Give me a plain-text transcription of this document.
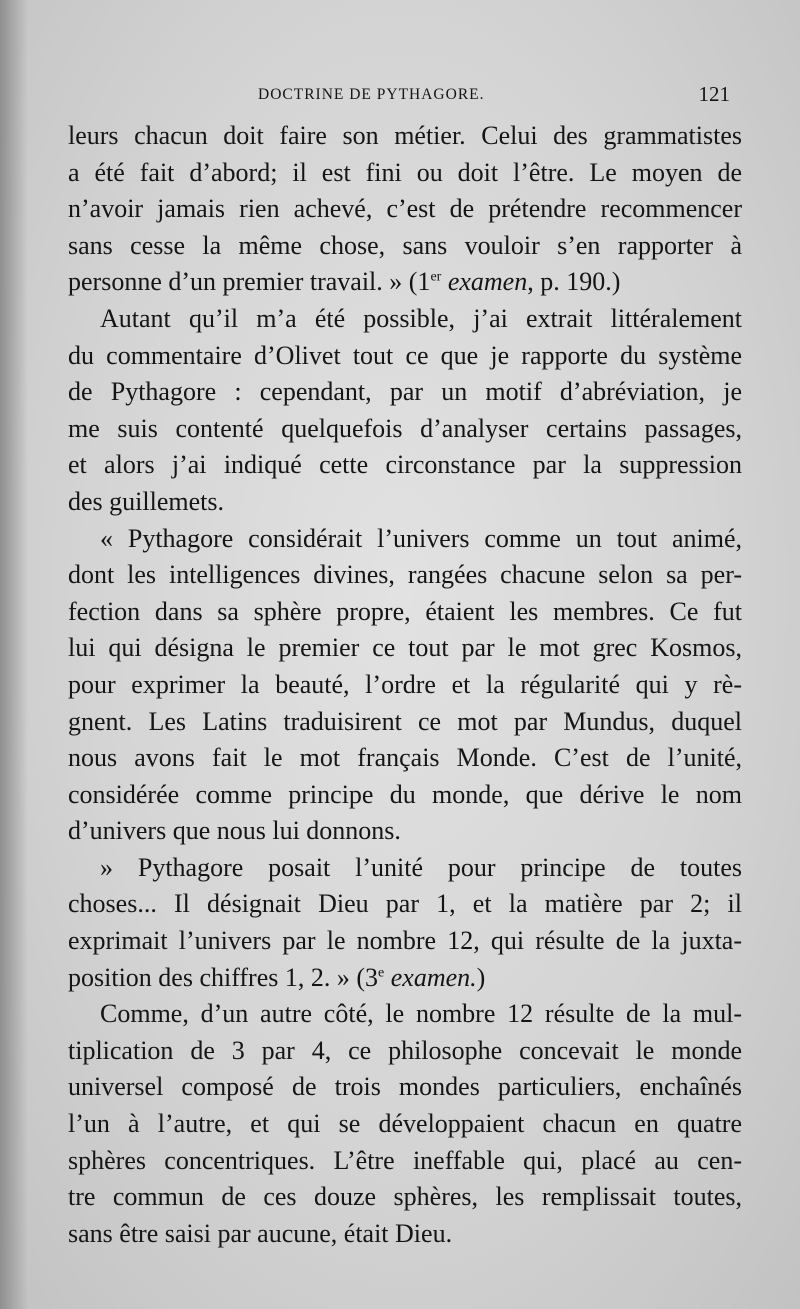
DOCTRINE DE PYTHAGORE.	121

leurs chacun doit faire son métier. Celui des grammatistes
a été fait d’abord; il est fini ou doit l’être. Le moyen de
n’avoir jamais rien achevé, c’est de prétendre recommencer
sans cesse la même chose, sans vouloir s’en rapporter à
personne d’un premier travail. » (1er examen, p. 190.)

Autant qu’il m’a été possible, j’ai extrait littéralement
du commentaire d’Olivet tout ce que je rapporte du système
de Pythagore : cependant, par un motif d’abréviation, je
me suis contenté quelquefois d’analyser certains passages,
et alors j’ai indiqué cette circonstance par la suppression
des guillemets.

« Pythagore considérait l’univers comme un tout animé,
dont les intelligences divines, rangées chacune selon sa per-
fection dans sa sphère propre, étaient les membres. Ce fut
lui qui désigna le premier ce tout par le mot grec Kosmos,
pour exprimer la beauté, l’ordre et la régularité qui y rè-
gnent. Les Latins traduisirent ce mot par Mundus, duquel
nous avons fait le mot français Monde. C’est de l’unité,
considérée comme principe du monde, que dérive le nom
d’univers que nous lui donnons.

» Pythagore posait l’unité pour principe de toutes
choses... Il désignait Dieu par 1, et la matière par 2; il
exprimait l’univers par le nombre 12, qui résulte de la juxta-
position des chiffres 1, 2. » (3e examen.)

Comme, d’un autre côté, le nombre 12 résulte de la mul-
tiplication de 3 par 4, ce philosophe concevait le monde
universel composé de trois mondes particuliers, enchaînés
l’un à l’autre, et qui se développaient chacun en quatre
sphères concentriques. L’être ineffable qui, placé au cen-
tre commun de ces douze sphères, les remplissait toutes,
sans être saisi par aucune, était Dieu.
